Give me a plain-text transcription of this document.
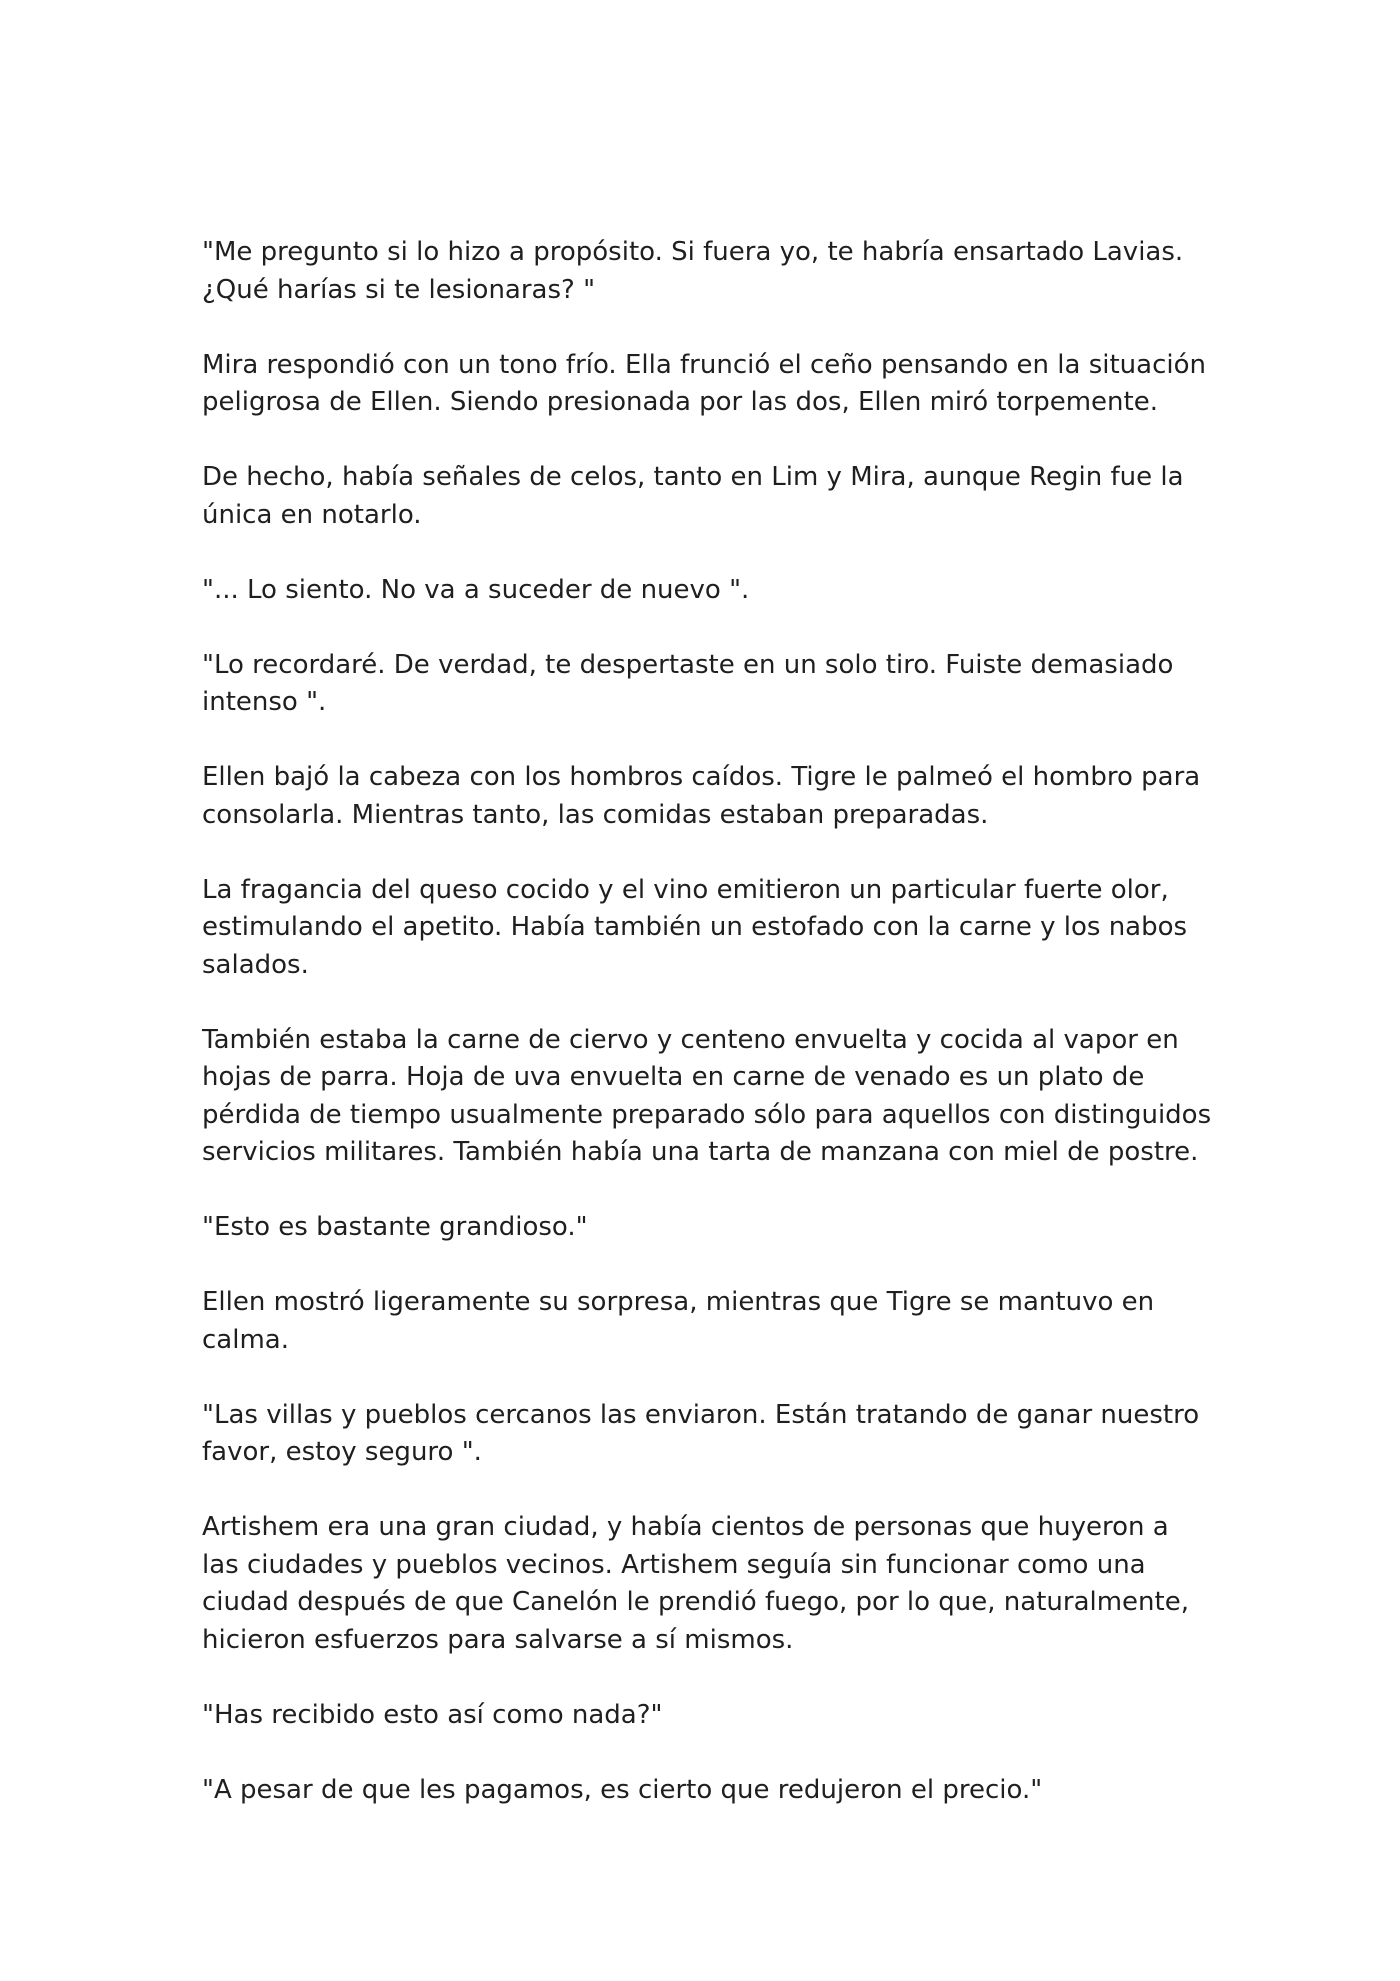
"Me pregunto si lo hizo a propósito. Si fuera yo, te habría ensartado Lavias. ¿Qué harías si te lesionaras? "

Mira respondió con un tono frío. Ella frunció el ceño pensando en la situación peligrosa de Ellen. Siendo presionada por las dos, Ellen miró torpemente.

De hecho, había señales de celos, tanto en Lim y Mira, aunque Regin fue la única en notarlo.

"... Lo siento. No va a suceder de nuevo ".

"Lo recordaré. De verdad, te despertaste en un solo tiro. Fuiste demasiado intenso ".

Ellen bajó la cabeza con los hombros caídos. Tigre le palmeó el hombro para consolarla. Mientras tanto, las comidas estaban preparadas.

La fragancia del queso cocido y el vino emitieron un particular fuerte olor, estimulando el apetito. Había también un estofado con la carne y los nabos salados.

También estaba la carne de ciervo y centeno envuelta y cocida al vapor en hojas de parra. Hoja de uva envuelta en carne de venado es un plato de pérdida de tiempo usualmente preparado sólo para aquellos con distinguidos servicios militares. También había una tarta de manzana con miel de postre.

"Esto es bastante grandioso."

Ellen mostró ligeramente su sorpresa, mientras que Tigre se mantuvo en calma.

"Las villas y pueblos cercanos las enviaron. Están tratando de ganar nuestro favor, estoy seguro ".

Artishem era una gran ciudad, y había cientos de personas que huyeron a las ciudades y pueblos vecinos. Artishem seguía sin funcionar como una ciudad después de que Canelón le prendió fuego, por lo que, naturalmente, hicieron esfuerzos para salvarse a sí mismos.

"Has recibido esto así como nada?"

"A pesar de que les pagamos, es cierto que redujeron el precio."
